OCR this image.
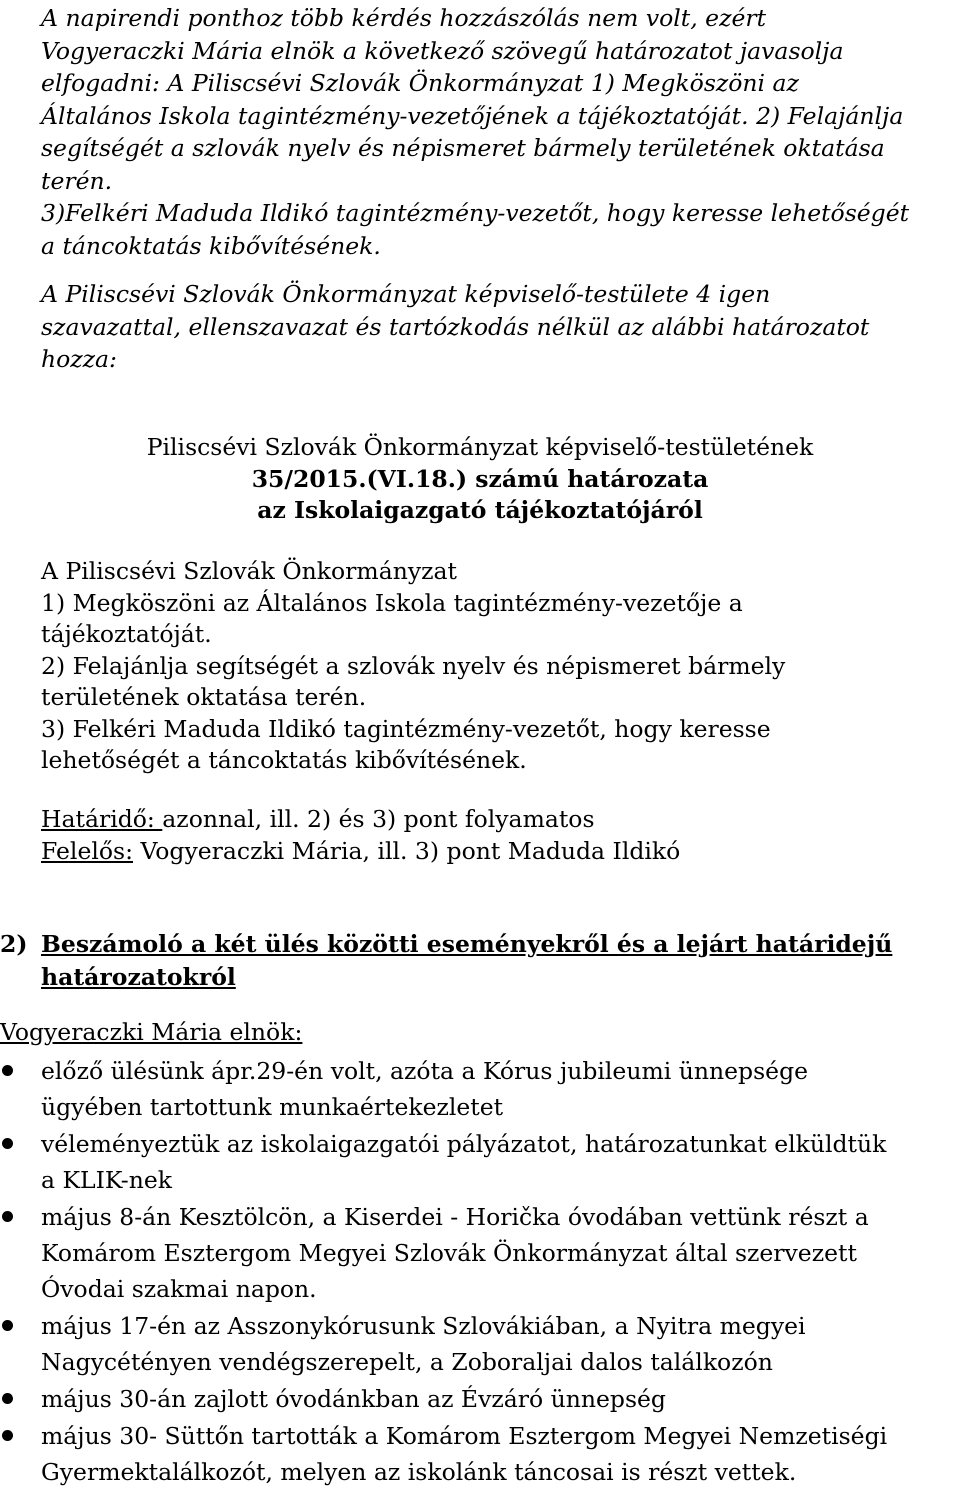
A napirendi ponthoz több kérdés hozzászólás nem volt, ezért
Vogyeraczki Mária elnök a következő szövegű határozatot javasolja
elfogadni: A Piliscsévi Szlovák Önkormányzat 1) Megköszöni az
Általános Iskola tagintézmény-vezetőjének a tájékoztatóját. 2) Felajánlja
segítségét a szlovák nyelv és népismeret bármely területének oktatása
terén.
3)Felkéri Maduda Ildikó tagintézmény-vezetőt, hogy keresse lehetőségét
a táncoktatás kibővítésének.

A Piliscsévi Szlovák Önkormányzat képviselő-testülete 4 igen
szavazattal, ellenszavazat és tartózkodás nélkül az alábbi határozatot
hozza:

Piliscsévi Szlovák Önkormányzat képviselő-testületének
35/2015.(VI.18.) számú határozata
az Iskolaigazgató tájékoztatójáról

A Piliscsévi Szlovák Önkormányzat
1) Megköszöni az Általános Iskola tagintézmény-vezetője a
tájékoztatóját.
2) Felajánlja segítségét a szlovák nyelv és népismeret bármely
területének oktatása terén.
3) Felkéri Maduda Ildikó tagintézmény-vezetőt, hogy keresse
lehetőségét a táncoktatás kibővítésének.

Határidő: azonnal, ill. 2) és 3) pont folyamatos
Felelős: Vogyeraczki Mária, ill. 3) pont Maduda Ildikó

2) Beszámoló a két ülés közötti eseményekről és a lejárt határidejű
határozatokról
Vogyeraczki Mária elnök:
előző ülésünk ápr.29-én volt, azóta a Kórus jubileumi ünnepsége
ügyében tartottunk munkaértekezletet
véleményeztük az iskolaigazgatói pályázatot, határozatunkat elküldtük
a KLIK-nek
május 8-án Kesztölcön, a Kiserdei - Horička óvodában vettünk részt a
Komárom Esztergom Megyei Szlovák Önkormányzat által szervezett
Óvodai szakmai napon.
május 17-én az Asszonykórusunk Szlovákiában, a Nyitra megyei
Nagycétényen vendégszerepelt, a Zoboraljai dalos találkozón
május 30-án zajlott óvodánkban az Évzáró ünnepség
május 30- Süttőn tartották a Komárom Esztergom Megyei Nemzetiségi
Gyermektalálkozót, melyen az iskolánk táncosai is részt vettek.
